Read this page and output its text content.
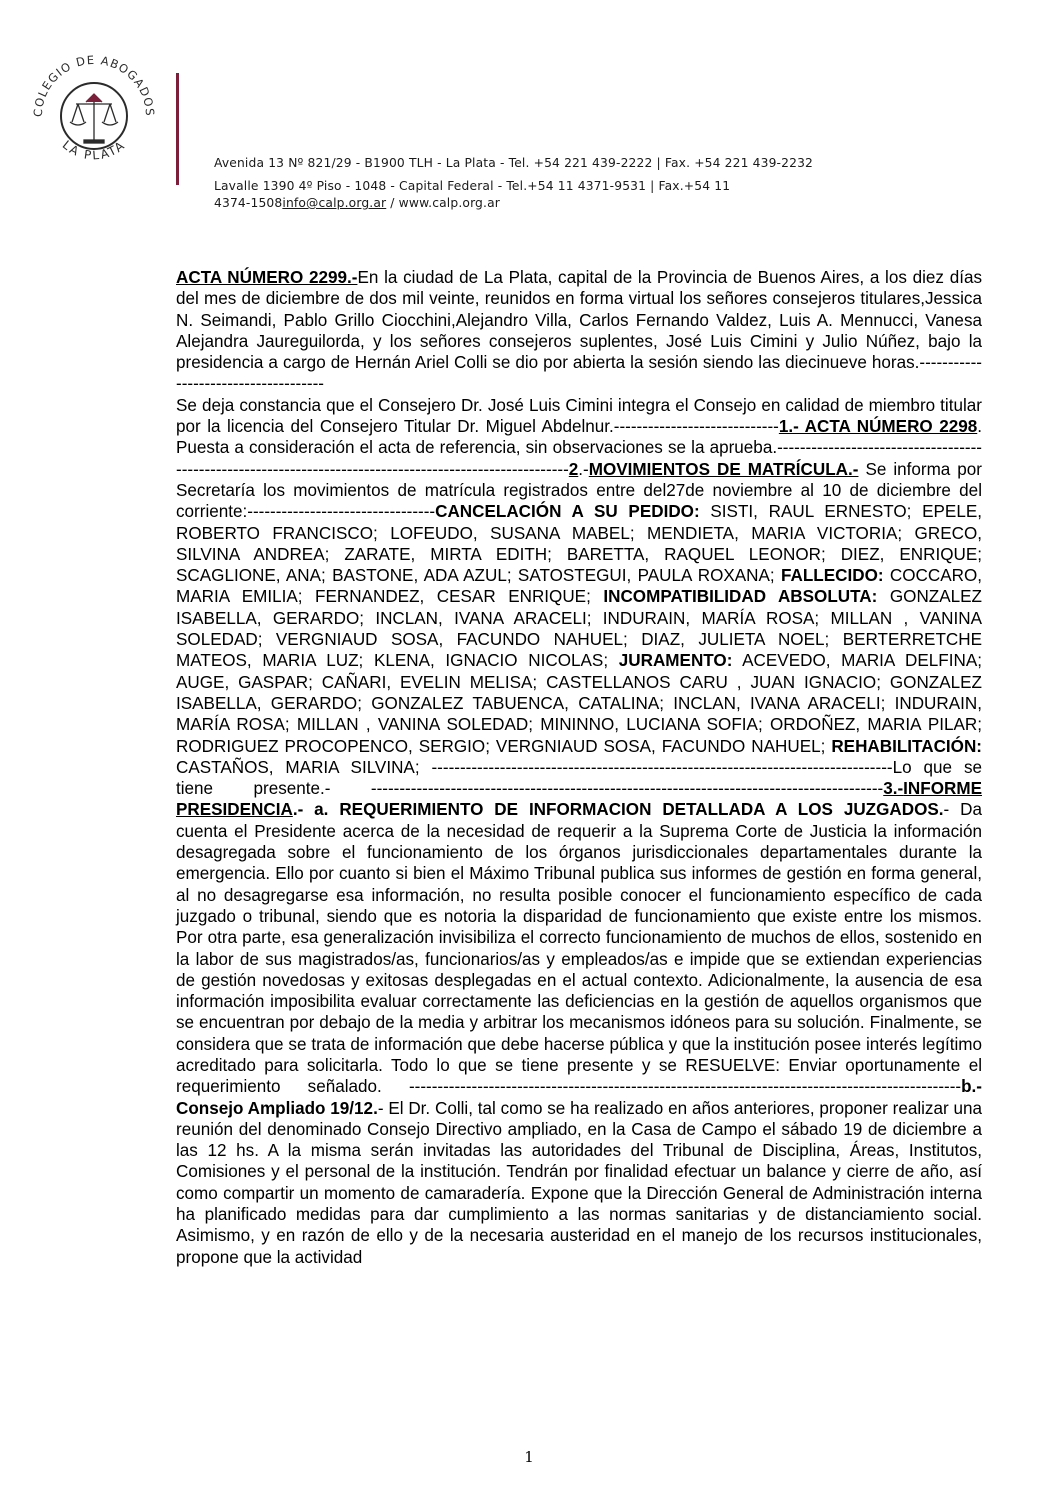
COLEGIO DE ABOGADOS
LA PLATA
Avenida 13 Nº 821/29 - B1900 TLH - La Plata - Tel. +54 221 439-2222 | Fax. +54 221 439-2232
Lavalle 1390 4º Piso - 1048 - Capital Federal - Tel.+54 11 4371-9531 | Fax.+54 11
4374-1508info@calp.org.ar / www.calp.org.ar

ACTA NÚMERO 2299.-En la ciudad de La Plata, capital de la Provincia de Buenos Aires, a los diez días del mes de diciembre de dos mil veinte, reunidos en forma virtual los señores consejeros titulares,Jessica N. Seimandi, Pablo Grillo Ciocchini,Alejandro Villa, Carlos Fernando Valdez, Luis A. Mennucci, Vanesa Alejandra Jaureguilorda, y los señores consejeros suplentes, José Luis Cimini y Julio Núñez, bajo la presidencia a cargo de Hernán Ariel Colli se dio por abierta la sesión siendo las diecinueve horas.-------------------------------------

Se deja constancia que el Consejero Dr. José Luis Cimini integra el Consejo en calidad de miembro titular por la licencia del Consejero Titular Dr. Miguel Abdelnur.-----------------------------1.- ACTA NÚMERO 2298. Puesta a consideración el acta de referencia, sin observaciones se la aprueba.---------------------------------------------------------------------------------------------------------2.-MOVIMIENTOS DE MATRÍCULA.- Se informa por Secretaría los movimientos de matrícula registrados entre del27de noviembre al 10 de diciembre del corriente:---------------------------------CANCELACIÓN A SU PEDIDO: SISTI, RAUL ERNESTO; EPELE, ROBERTO FRANCISCO; LOFEUDO, SUSANA MABEL; MENDIETA, MARIA VICTORIA; GRECO, SILVINA ANDREA; ZARATE, MIRTA EDITH; BARETTA, RAQUEL LEONOR; DIEZ, ENRIQUE; SCAGLIONE, ANA; BASTONE, ADA AZUL; SATOSTEGUI, PAULA ROXANA; FALLECIDO: COCCARO, MARIA EMILIA; FERNANDEZ, CESAR ENRIQUE; INCOMPATIBILIDAD ABSOLUTA: GONZALEZ ISABELLA, GERARDO; INCLAN, IVANA ARACELI; INDURAIN, MARÍA ROSA; MILLAN , VANINA SOLEDAD; VERGNIAUD SOSA, FACUNDO NAHUEL; DIAZ, JULIETA NOEL; BERTERRETCHE MATEOS, MARIA LUZ; KLENA, IGNACIO NICOLAS; JURAMENTO: ACEVEDO, MARIA DELFINA; AUGE, GASPAR; CAÑARI, EVELIN MELISA; CASTELLANOS CARU , JUAN IGNACIO; GONZALEZ ISABELLA, GERARDO; GONZALEZ TABUENCA, CATALINA; INCLAN, IVANA ARACELI; INDURAIN, MARÍA ROSA; MILLAN , VANINA SOLEDAD; MININNO, LUCIANA SOFIA; ORDOÑEZ, MARIA PILAR; RODRIGUEZ PROCOPENCO, SERGIO; VERGNIAUD SOSA, FACUNDO NAHUEL; REHABILITACIÓN: CASTAÑOS, MARIA SILVINA; ---------------------------------------------------------------------------------Lo que se tiene presente.- ------------------------------------------------------------------------------------------3.-INFORME PRESIDENCIA.- a. REQUERIMIENTO DE INFORMACION DETALLADA A LOS JUZGADOS.- Da cuenta el Presidente acerca de la necesidad de requerir a la Suprema Corte de Justicia la información desagregada sobre el funcionamiento de los órganos jurisdiccionales departamentales durante la emergencia. Ello por cuanto si bien el Máximo Tribunal publica sus informes de gestión en forma general, al no desagregarse esa información, no resulta posible conocer el funcionamiento específico de cada juzgado o tribunal, siendo que es notoria la disparidad de funcionamiento que existe entre los mismos. Por otra parte, esa generalización invisibiliza el correcto funcionamiento de muchos de ellos, sostenido en la labor de sus magistrados/as, funcionarios/as y empleados/as e impide que se extiendan experiencias de gestión novedosas y exitosas desplegadas en el actual contexto. Adicionalmente, la ausencia de esa información imposibilita evaluar correctamente las deficiencias en la gestión de aquellos organismos que se encuentran por debajo de la media y arbitrar los mecanismos idóneos para su solución. Finalmente, se considera que se trata de información que debe hacerse pública y que la institución posee interés legítimo acreditado para solicitarla. Todo lo que se tiene presente y se RESUELVE: Enviar oportunamente el requerimiento señalado. -------------------------------------------------------------------------------------------------b.- Consejo Ampliado 19/12.- El Dr. Colli, tal como se ha realizado en años anteriores, proponer realizar una reunión del denominado Consejo Directivo ampliado, en la Casa de Campo el sábado 19 de diciembre a las 12 hs. A la misma serán invitadas las autoridades del Tribunal de Disciplina, Áreas, Institutos, Comisiones y el personal de la institución. Tendrán por finalidad efectuar un balance y cierre de año, así como compartir un momento de camaradería. Expone que la Dirección General de Administración interna ha planificado medidas para dar cumplimiento a las normas sanitarias y de distanciamiento social. Asimismo, y en razón de ello y de la necesaria austeridad en el manejo de los recursos institucionales, propone que la actividad

1
